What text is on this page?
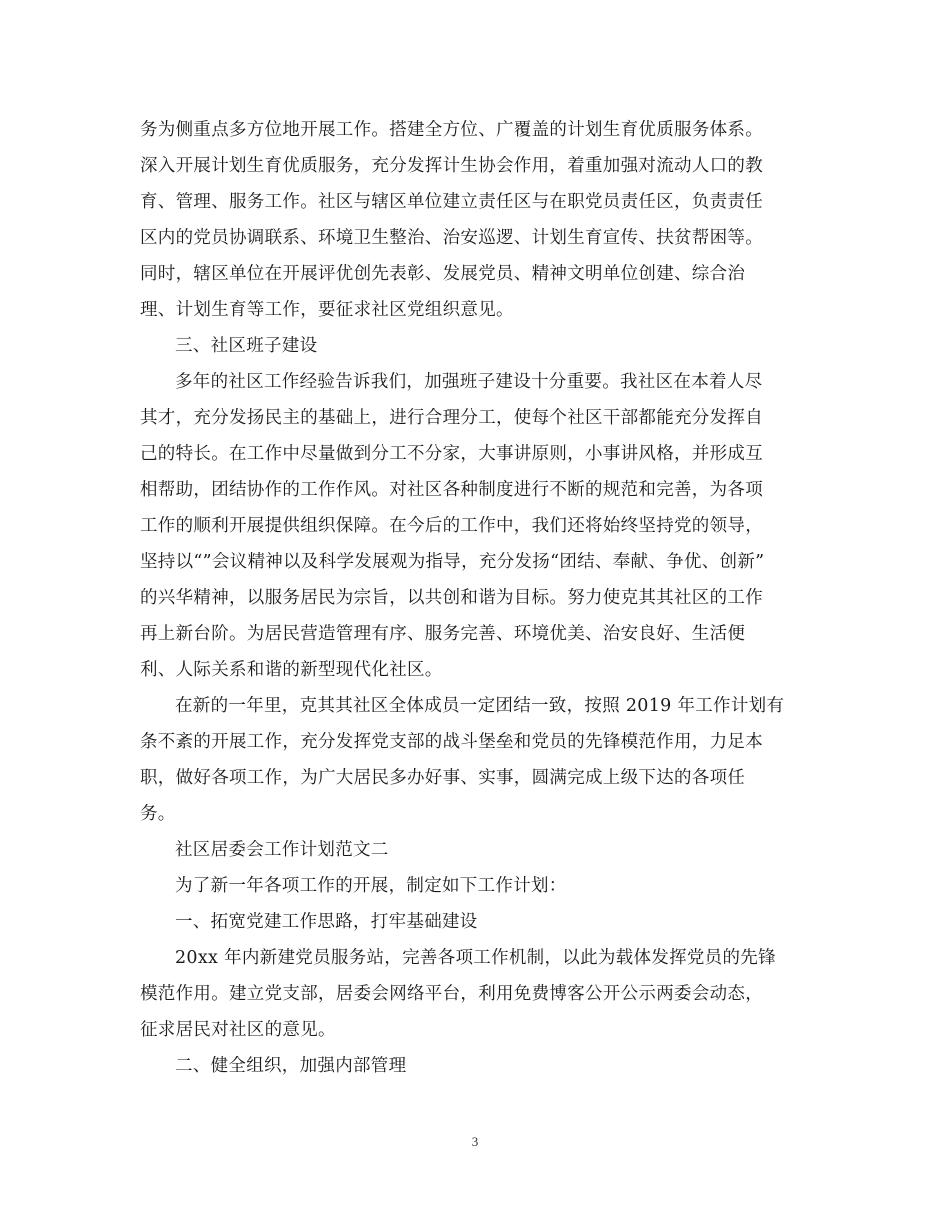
务为侧重点多方位地开展工作。搭建全方位、广覆盖的计划生育优质服务体系。
深入开展计划生育优质服务，充分发挥计生协会作用，着重加强对流动人口的教
育、管理、服务工作。社区与辖区单位建立责任区与在职党员责任区，负责责任
区内的党员协调联系、环境卫生整治、治安巡逻、计划生育宣传、扶贫帮困等。
同时，辖区单位在开展评优创先表彰、发展党员、精神文明单位创建、综合治
理、计划生育等工作，要征求社区党组织意见。
三、社区班子建设
多年的社区工作经验告诉我们，加强班子建设十分重要。我社区在本着人尽
其才，充分发扬民主的基础上，进行合理分工，使每个社区干部都能充分发挥自
己的特长。在工作中尽量做到分工不分家，大事讲原则，小事讲风格，并形成互
相帮助，团结协作的工作作风。对社区各种制度进行不断的规范和完善，为各项
工作的顺利开展提供组织保障。在今后的工作中，我们还将始终坚持党的领导，
坚持以“”会议精神以及科学发展观为指导，充分发扬“团结、奉献、争优、创新”
的兴华精神，以服务居民为宗旨，以共创和谐为目标。努力使克其其社区的工作
再上新台阶。为居民营造管理有序、服务完善、环境优美、治安良好、生活便
利、人际关系和谐的新型现代化社区。
在新的一年里，克其其社区全体成员一定团结一致，按照 2019 年工作计划有
条不紊的开展工作，充分发挥党支部的战斗堡垒和党员的先锋模范作用，力足本
职，做好各项工作，为广大居民多办好事、实事，圆满完成上级下达的各项任
务。
社区居委会工作计划范文二
为了新一年各项工作的开展，制定如下工作计划：
一、拓宽党建工作思路，打牢基础建设
20xx 年内新建党员服务站，完善各项工作机制，以此为载体发挥党员的先锋
模范作用。建立党支部，居委会网络平台，利用免费博客公开公示两委会动态，
征求居民对社区的意见。
二、健全组织，加强内部管理
3
